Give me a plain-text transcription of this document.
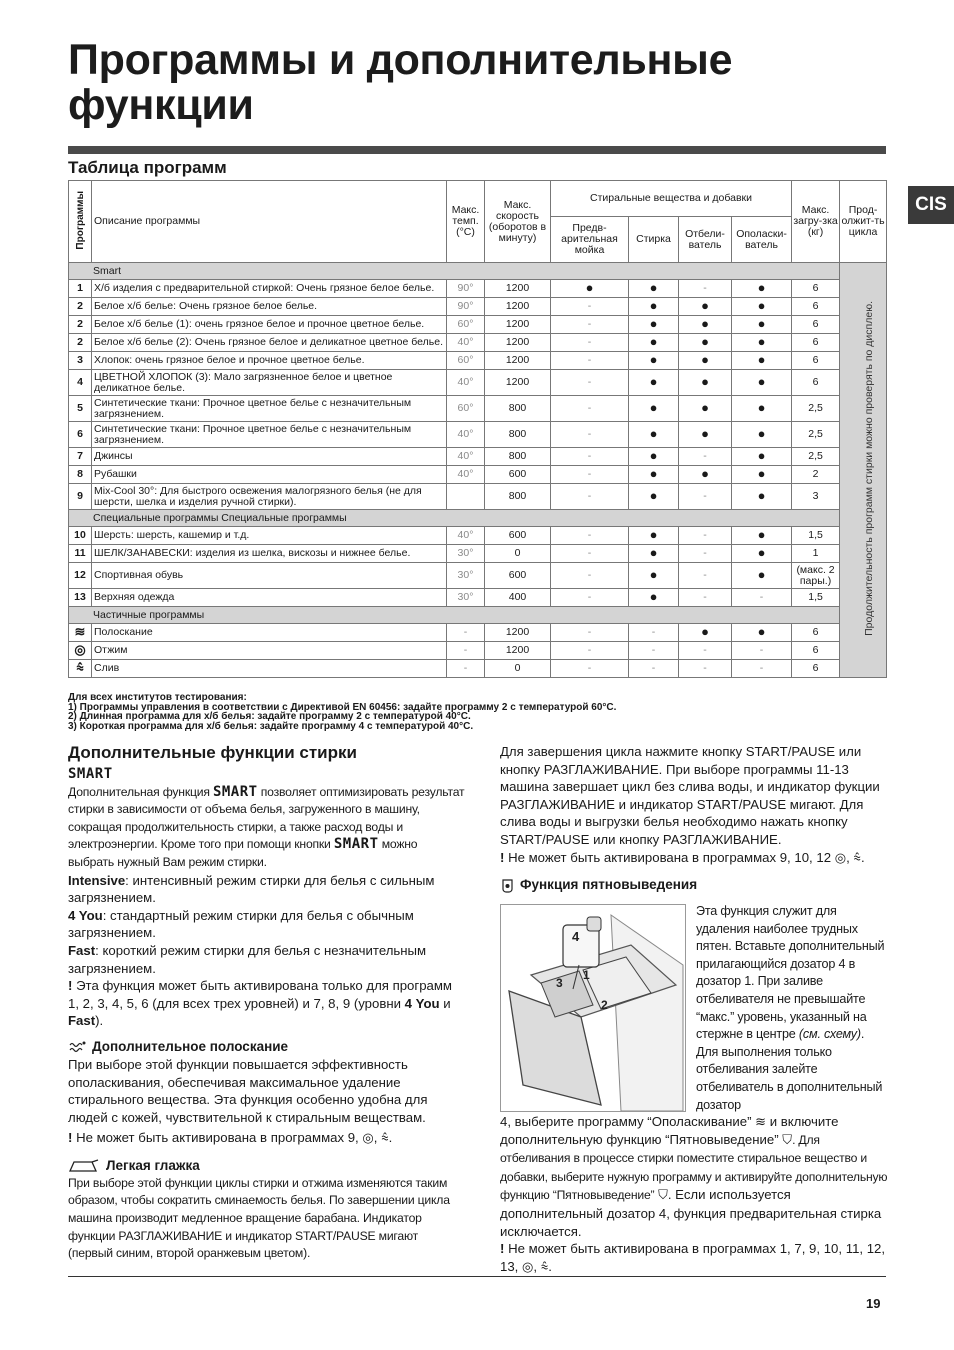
Программы и дополнительные функции
CIS
Таблица программ
Программы	Описание программы	Макс. темп. (°C)	Макс. скорость (оборотов в минуту)	Стиральные вещества и добавки				Макс. загру-зка (кг)	Прод-олжит-ть цикла
				Предв-арительная мойка	Стирка	Отбели-ватель	Ополаски-ватель		
Smart									Продолжительность программ стирки можно проверять по дисплею.
1	Х/б изделия с предварительной стиркой: Очень грязное белое белье.	90°	1200	●	●	-	●	6	
2	Белое х/б белье: Очень грязное белое белье.	90°	1200	-	●	●	●	6	
2	Белое х/б белье (1): очень грязное белое и прочное цветное белье.	60°	1200	-	●	●	●	6	
2	Белое х/б белье (2): Очень грязное белое и деликатное цветное белье.	40°	1200	-	●	●	●	6	
3	Хлопок: очень грязное белое и прочное цветное белье.	60°	1200	-	●	●	●	6	
4	ЦВЕТНОЙ ХЛОПОК (3): Мало загрязненное белое и цветное деликатное белье.	40°	1200	-	●	●	●	6	
5	Синтетические ткани: Прочное цветное белье с незначительным загрязнением.	60°	800	-	●	●	●	2,5	
6	Синтетические ткани: Прочное цветное белье с незначительным загрязнением.	40°	800	-	●	●	●	2,5	
7	Джинсы	40°	800	-	●	-	●	2,5	
8	Рубашки	40°	600	-	●	●	●	2	
9	Mix-Cool 30°: Для быстрого освежения малогрязного белья (не для шерсти, шелка и изделия ручной стирки).		800	-	●	-	●	3	
Специальные программы Специальные программы									
10	Шерсть: шерсть, кашемир и т.д.	40°	600	-	●	-	●	1,5	
11	ШЕЛК/ЗАНАВЕСКИ: изделия из шелка, вискозы и нижнее белье.	30°	0	-	●	-	●	1	
12	Спортивная обувь	30°	600	-	●	-	●	(макс. 2 пары.)	
13	Верхняя одежда	30°	400	-	●	-	-	1,5	
Частичные программы									
≋	Полоскание	-	1200	-	-	●	●	6	
◎	Отжим	-	1200	-	-	-	-	6	
⩯	Слив	-	0	-	-	-	-	6	
Для всех институтов тестирования:
1) Программы управления в соответствии с Директивой EN 60456: задайте программу 2 с температурой 60°C.
2) Длинная программа для х/б белья: задайте программу 2 с температурой 40°C.
3) Короткая программа для х/б белья: задайте программу 4 с температурой 40°C.
Дополнительные функции стирки
SMART

Дополнительная функция SMART позволяет оптимизировать результат стирки в зависимости от объема белья, загруженного в машину, сокращая продолжительность стирки, а также расход воды и электроэнергии. Кроме того при помощи кнопки SMART можно выбрать нужный Вам режим стирки.

Intensive: интенсивный режим стирки для белья с сильным загрязнением.

4 You: стандартный режим стирки для белья с обычным загрязнением.

Fast: короткий режим стирки для белья с незначительным загрязнением.

! Эта функция может быть активирована только для программ 1, 2, 3, 4, 5, 6 (для всех трех уровней) и 7, 8, 9 (уровни 4 You и Fast).

Дополнительное полоскание

При выборе этой функции повышается эффективность ополаскивания, обеспечивая максимальное удаление стирального вещества. Эта функция особенно удобна для людей с кожей, чувствительной к стиральным веществам.

! Не может быть активирована в программах 9, ◎, ⩯.

Легкая глажка

При выборе этой функции циклы стирки и отжима изменяются таким образом, чтобы сократить сминаемость белья. По завершении цикла машина производит медленное вращение барабана. Индикатор функции РАЗГЛАЖИВАНИЕ и индикатор START/PAUSE мигают (первый синим, второй оранжевым цветом).

Для завершения цикла нажмите кнопку START/PAUSE или кнопку РАЗГЛАЖИВАНИЕ. При выборе программы 11-13 машина завершает цикл без слива воды, и индикатор фукции РАЗГЛАЖИВАНИЕ и индикатор START/PAUSE мигают. Для слива воды и выгрузки белья необходимо нажать кнопку START/PAUSE или кнопку РАЗГЛАЖИВАНИЕ.

! Не может быть активирована в программах 9, 10, 12 ◎, ⩯.

Функция пятновыведения
4
1
3
2
Эта функция служит для удаления наиболее трудных пятен. Вставьте дополнительный прилагающийся дозатор 4 в дозатор 1. При заливе отбеливателя не превышайте “макс.” уровень, указанный на стержне в центре (см. схему). Для выполнения только отбеливания залейте отбеливатель в дополнительный дозатор

4, выберите программу “Ополаскивание” ≋ и включите дополнительную функцию “Пятновыведение” ⛉. Для отбеливания в процессе стирки поместите стиральное вещество и добавки, выберите нужную программу и активируйте дополнительную функцию “Пятновыведение” ⛉. Если используется дополнительный дозатор 4, функция предварительная стирка исключается.

! Не может быть активирована в программах 1, 7, 9, 10, 11, 12, 13, ◎, ⩯.

19
